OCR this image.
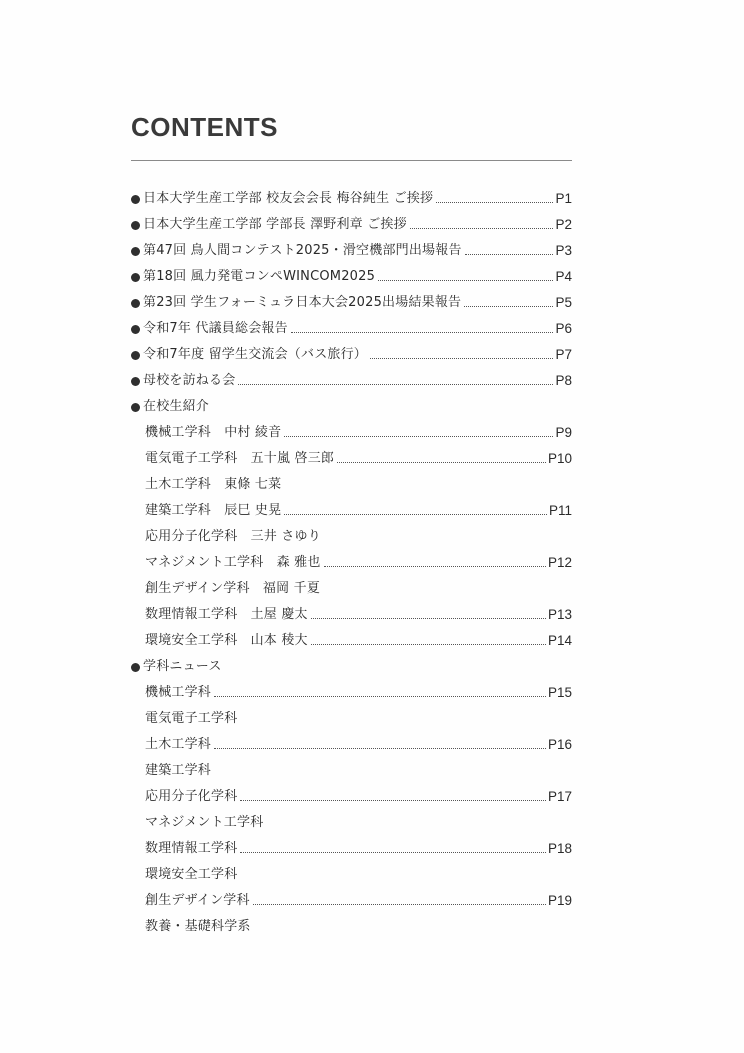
CONTENTS
日本大学生産工学部 校友会会長 梅谷純生 ご挨拶	P1
日本大学生産工学部 学部長 澤野利章 ご挨拶	P2
第47回 鳥人間コンテスト2025・滑空機部門出場報告	P3
第18回 風力発電コンペWINCOM2025	P4
第23回 学生フォーミュラ日本大会2025出場結果報告	P5
令和7年 代議員総会報告	P6
令和7年度 留学生交流会（バス旅行）	P7
母校を訪ねる会	P8
在校生紹介
機械工学科　中村 綾音	P9
電気電子工学科　五十嵐 啓三郎	P10
土木工学科　東條 七菜
建築工学科　辰巳 史晃	P11
応用分子化学科　三井 さゆり
マネジメント工学科　森 雅也	P12
創生デザイン学科　福岡 千夏
数理情報工学科　土屋 慶太	P13
環境安全工学科　山本 稜大	P14
学科ニュース
機械工学科	P15
電気電子工学科
土木工学科	P16
建築工学科
応用分子化学科	P17
マネジメント工学科
数理情報工学科	P18
環境安全工学科
創生デザイン学科	P19
教養・基礎科学系
